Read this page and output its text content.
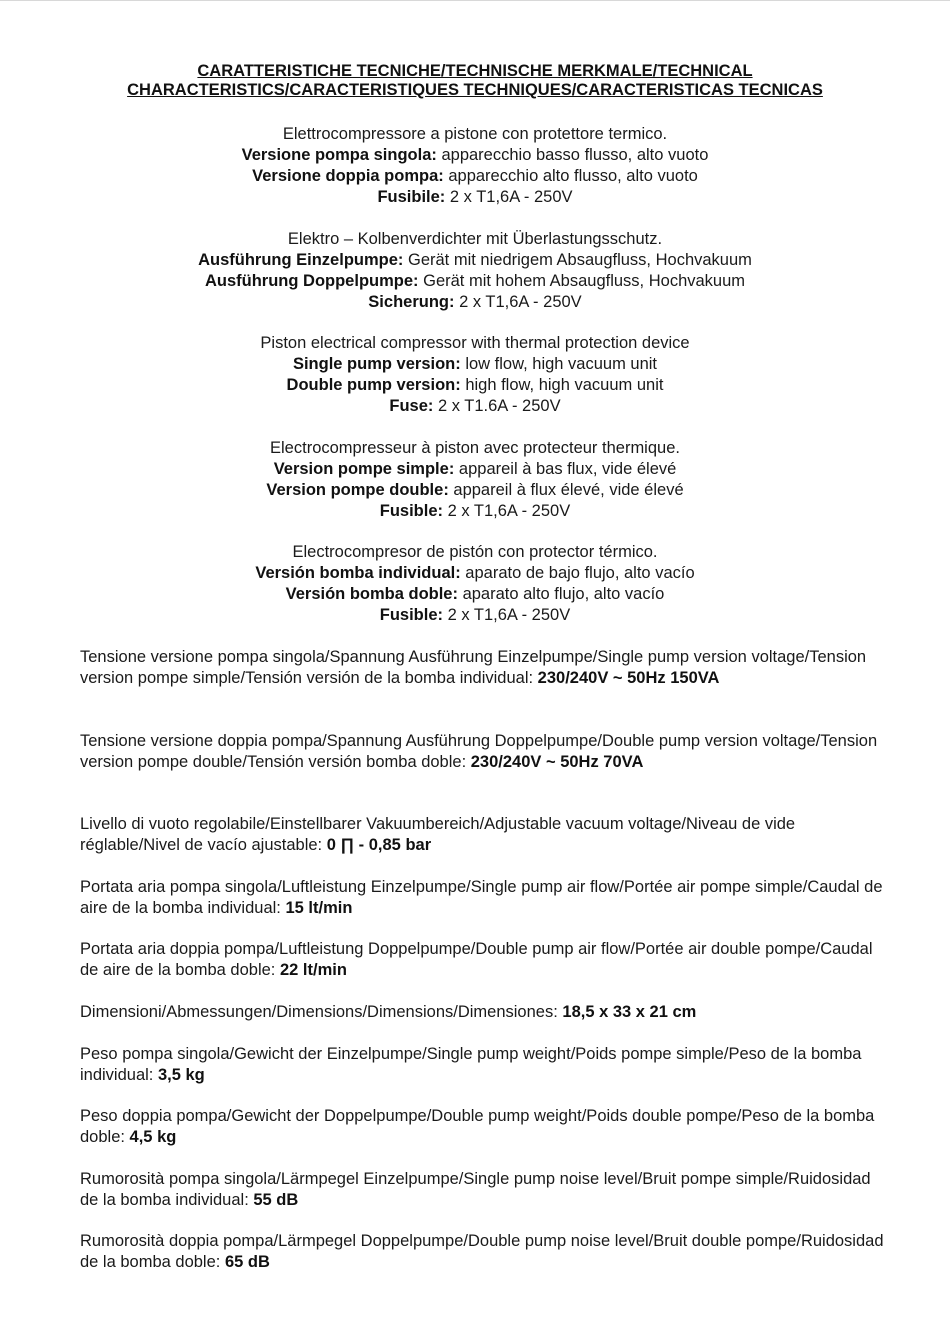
CARATTERISTICHE TECNICHE/TECHNISCHE MERKMALE/TECHNICAL
CHARACTERISTICS/CARACTERISTIQUES TECHNIQUES/CARACTERISTICAS TECNICAS
Elettrocompressore a pistone con protettore termico.
Versione pompa singola: apparecchio basso flusso, alto vuoto
Versione doppia pompa: apparecchio alto flusso, alto vuoto
Fusibile: 2 x T1,6A - 250V
Elektro – Kolbenverdichter mit Überlastungsschutz.
Ausführung Einzelpumpe: Gerät mit niedrigem Absaugfluss, Hochvakuum
Ausführung Doppelpumpe: Gerät mit hohem Absaugfluss, Hochvakuum
Sicherung: 2 x T1,6A - 250V
Piston electrical compressor with thermal protection device
Single pump version: low flow, high vacuum unit
Double pump version: high flow, high vacuum unit
Fuse: 2 x T1.6A - 250V
Electrocompresseur à piston avec protecteur thermique.
Version pompe simple: appareil à bas flux, vide élevé
Version pompe double: appareil à flux élevé, vide élevé
Fusible: 2 x T1,6A - 250V
Electrocompresor de pistón con protector térmico.
Versión bomba individual: aparato de bajo flujo, alto vacío
Versión bomba doble: aparato alto flujo, alto vacío
Fusible: 2 x T1,6A - 250V
Tensione versione pompa singola/Spannung Ausführung Einzelpumpe/Single pump version voltage/Tension version pompe simple/Tensión versión de la bomba individual: 230/240V ~ 50Hz 150VA
Tensione versione doppia pompa/Spannung Ausführung Doppelpumpe/Double pump version voltage/Tension version pompe double/Tensión versión bomba doble: 230/240V ~ 50Hz 70VA
Livello di vuoto regolabile/Einstellbarer Vakuumbereich/Adjustable vacuum voltage/Niveau de vide réglable/Nivel de vacío ajustable: 0 ∏ - 0,85 bar
Portata aria pompa singola/Luftleistung Einzelpumpe/Single pump air flow/Portée air pompe simple/Caudal de aire de la bomba individual: 15 lt/min
Portata aria doppia pompa/Luftleistung Doppelpumpe/Double pump air flow/Portée air double pompe/Caudal de aire de la bomba doble: 22 lt/min
Dimensioni/Abmessungen/Dimensions/Dimensions/Dimensiones: 18,5 x 33 x 21 cm
Peso pompa singola/Gewicht der Einzelpumpe/Single pump weight/Poids pompe simple/Peso de la bomba individual: 3,5 kg
Peso doppia pompa/Gewicht der Doppelpumpe/Double pump weight/Poids double pompe/Peso de la bomba doble: 4,5 kg
Rumorosità pompa singola/Lärmpegel Einzelpumpe/Single pump noise level/Bruit pompe simple/Ruidosidad de la bomba individual: 55 dB
Rumorosità doppia pompa/Lärmpegel Doppelpumpe/Double pump noise level/Bruit double pompe/Ruidosidad de la bomba doble: 65 dB
